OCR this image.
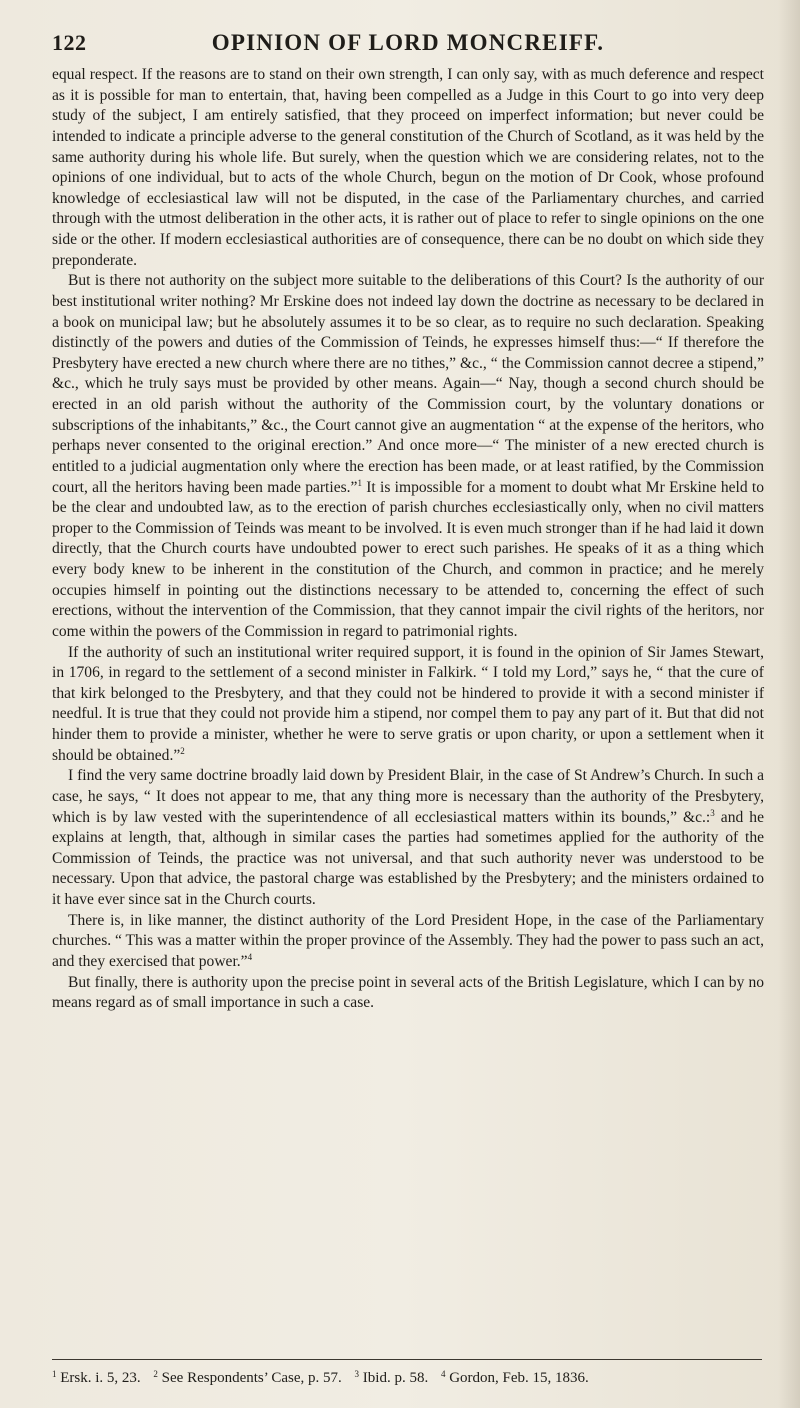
122	OPINION OF LORD MONCREIFF.

equal respect. If the reasons are to stand on their own strength, I can only say, with as much deference and respect as it is possible for man to entertain, that, having been compelled as a Judge in this Court to go into very deep study of the subject, I am entirely satisfied, that they proceed on imperfect information; but never could be intended to indicate a principle adverse to the general constitution of the Church of Scotland, as it was held by the same authority during his whole life. But surely, when the question which we are considering relates, not to the opinions of one individual, but to acts of the whole Church, begun on the motion of Dr Cook, whose profound knowledge of ecclesiastical law will not be disputed, in the case of the Parliamentary churches, and carried through with the utmost deliberation in the other acts, it is rather out of place to refer to single opinions on the one side or the other. If modern ecclesiastical authorities are of consequence, there can be no doubt on which side they preponderate.

But is there not authority on the subject more suitable to the deliberations of this Court? Is the authority of our best institutional writer nothing? Mr Erskine does not indeed lay down the doctrine as necessary to be declared in a book on municipal law; but he absolutely assumes it to be so clear, as to require no such declaration. Speaking distinctly of the powers and duties of the Commission of Teinds, he expresses himself thus:—“ If therefore the Presbytery have erected a new church where there are no tithes,” &c., “ the Commission cannot decree a stipend,” &c., which he truly says must be provided by other means. Again—“ Nay, though a second church should be erected in an old parish without the authority of the Commission court, by the voluntary donations or subscriptions of the inhabitants,” &c., the Court cannot give an augmentation “ at the expense of the heritors, who perhaps never consented to the original erection.” And once more—“ The minister of a new erected church is entitled to a judicial augmentation only where the erection has been made, or at least ratified, by the Commission court, all the heritors having been made parties.”$^1$ It is impossible for a moment to doubt what Mr Erskine held to be the clear and undoubted law, as to the erection of parish churches ecclesiastically only, when no civil matters proper to the Commission of Teinds was meant to be involved. It is even much stronger than if he had laid it down directly, that the Church courts have undoubted power to erect such parishes. He speaks of it as a thing which every body knew to be inherent in the constitution of the Church, and common in practice; and he merely occupies himself in pointing out the distinctions necessary to be attended to, concerning the effect of such erections, without the intervention of the Commission, that they cannot impair the civil rights of the heritors, nor come within the powers of the Commission in regard to patrimonial rights.

If the authority of such an institutional writer required support, it is found in the opinion of Sir James Stewart, in 1706, in regard to the settlement of a second minister in Falkirk. “ I told my Lord,” says he, “ that the cure of that kirk belonged to the Presbytery, and that they could not be hindered to provide it with a second minister if needful. It is true that they could not provide him a stipend, nor compel them to pay any part of it. But that did not hinder them to provide a minister, whether he were to serve gratis or upon charity, or upon a settlement when it should be obtained.”$^2$

I find the very same doctrine broadly laid down by President Blair, in the case of St Andrew’s Church. In such a case, he says, “ It does not appear to me, that any thing more is necessary than the authority of the Presbytery, which is by law vested with the superintendence of all ecclesiastical matters within its bounds,” &c.:$^3$ and he explains at length, that, although in similar cases the parties had sometimes applied for the authority of the Commission of Teinds, the practice was not universal, and that such authority never was understood to be necessary. Upon that advice, the pastoral charge was established by the Presbytery; and the ministers ordained to it have ever since sat in the Church courts.

There is, in like manner, the distinct authority of the Lord President Hope, in the case of the Parliamentary churches. “ This was a matter within the proper province of the Assembly. They had the power to pass such an act, and they exercised that power.”$^4$

But finally, there is authority upon the precise point in several acts of the British Legislature, which I can by no means regard as of small importance in such a case.

$^1$ Ersk. i. 5, 23. $^2$ See Respondents’ Case, p. 57. $^3$ Ibid. p. 58. $^4$ Gordon, Feb. 15, 1836.
